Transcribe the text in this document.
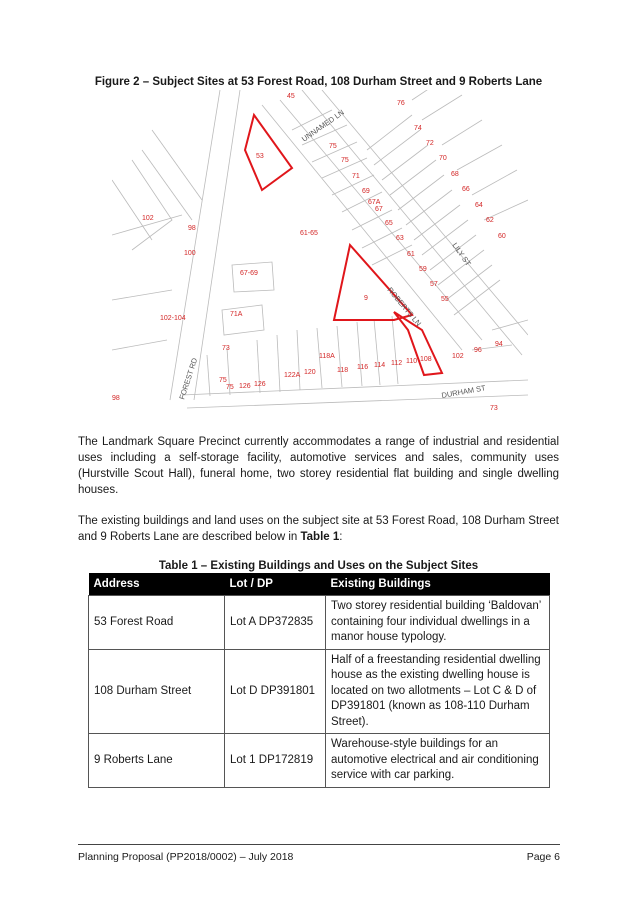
Figure 2 – Subject Sites at 53 Forest Road, 108 Durham Street and 9 Roberts Lane
UNNAMED LN
ROBERTS LN
LILY ST
FOREST RD	DURHAM ST
45
76
74
72
70
68
66
64
62
60
53
75
75
71
69
67A
67
65
63
61
59
57
55
102
98
100
61-65
67-69
9
102-104
71A
73
75
75 126 126
122A 120
118A
118 116 114 112 110 108	102
96
94
73
98
The Landmark Square Precinct currently accommodates a range of industrial and residential uses including a self-storage facility, automotive services and sales, community uses (Hurstville Scout Hall), funeral home, two storey residential flat building and single dwelling houses.
The existing buildings and land uses on the subject site at 53 Forest Road, 108 Durham Street and 9 Roberts Lane are described below in Table 1:
Table 1 – Existing Buildings and Uses on the Subject Sites
Address	Lot / DP	Existing Buildings
53 Forest Road	Lot A DP372835	Two storey residential building ‘Baldovan’ containing four individual dwellings in a manor house typology.
108 Durham Street	Lot D DP391801	Half of a freestanding residential dwelling house as the existing dwelling house is located on two allotments – Lot C & D of DP391801 (known as 108-110 Durham Street).
9 Roberts Lane	Lot 1 DP172819	Warehouse-style buildings for an automotive electrical and air conditioning service with car parking.
Planning Proposal (PP2018/0002) – July 2018	Page 6
